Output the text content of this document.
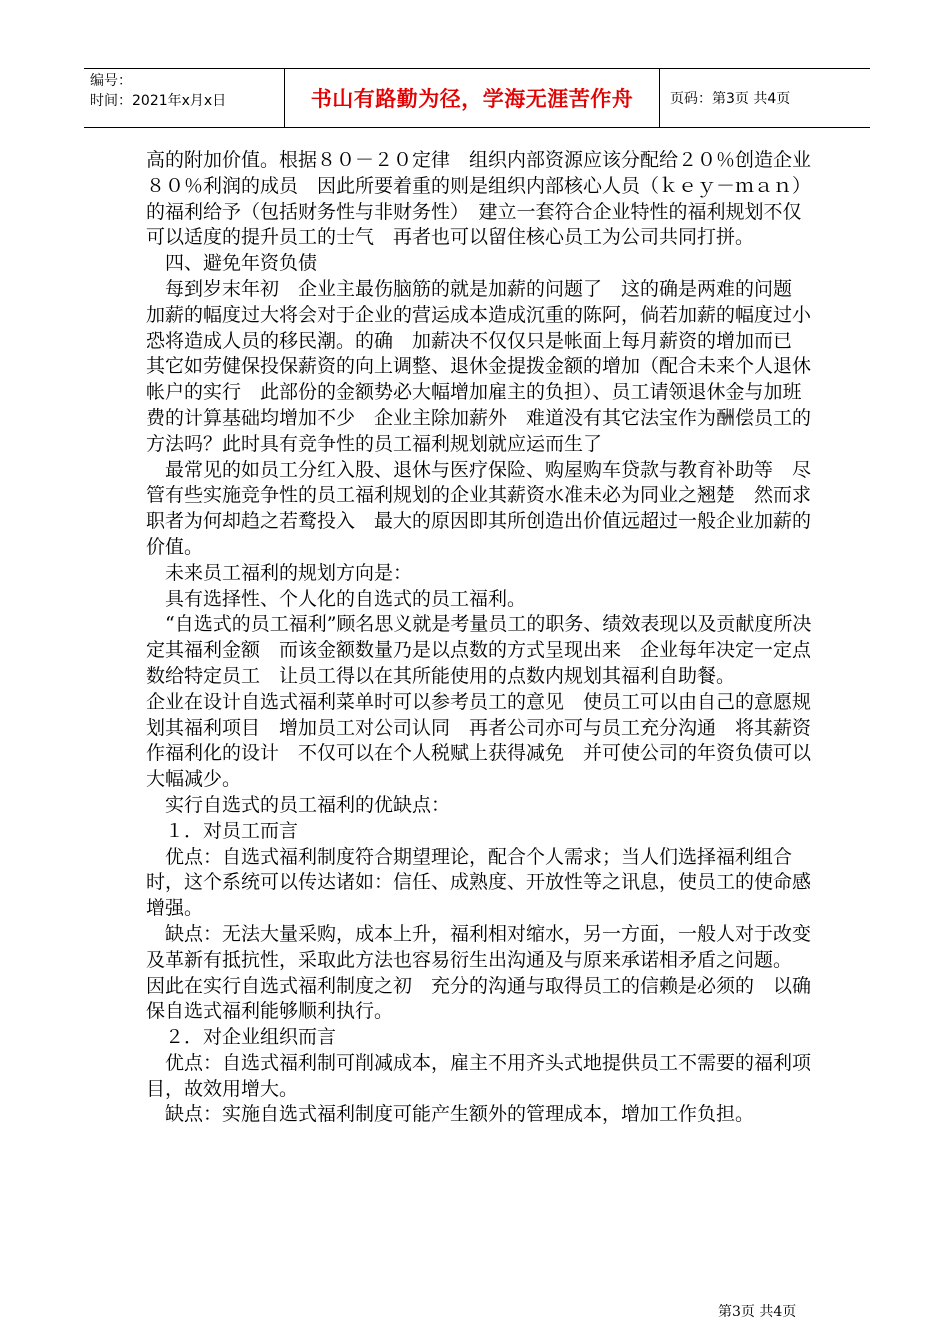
编号：
时间：2021年x月x日	书山有路勤为径，学海无涯苦作舟	页码：第3页 共4页

高的附加价值。根据８０－２０定律　组织内部资源应该分配给２０％创造企业８０％利润的成员　因此所要着重的则是组织内部核心人员（ｋｅｙ－ｍａｎ）的福利给予（包括财务性与非财务性）　建立一套符合企业特性的福利规划不仅可以适度的提升员工的士气　再者也可以留住核心员工为公司共同打拼。

　四、避免年资负债

　每到岁末年初　企业主最伤脑筋的就是加薪的问题了　这的确是两难的问题　加薪的幅度过大将会对于企业的营运成本造成沉重的陈阿，倘若加薪的幅度过小　恐将造成人员的移民潮。的确　加薪决不仅仅只是帐面上每月薪资的增加而已　其它如劳健保投保薪资的向上调整、退休金提拨金额的增加（配合未来个人退休帐户的实行　此部份的金额势必大幅增加雇主的负担）、员工请领退休金与加班费的计算基础均增加不少　企业主除加薪外　难道没有其它法宝作为酬偿员工的方法吗？此时具有竞争性的员工福利规划就应运而生了

　最常见的如员工分红入股、退休与医疗保险、购屋购车贷款与教育补助等　尽管有些实施竞争性的员工福利规划的企业其薪资水准未必为同业之翘楚　然而求职者为何却趋之若鹜投入　最大的原因即其所创造出价值远超过一般企业加薪的价值。

　未来员工福利的规划方向是：

　具有选择性、个人化的自选式的员工福利。

　“自选式的员工福利”顾名思义就是考量员工的职务、绩效表现以及贡献度所决定其福利金额　而该金额数量乃是以点数的方式呈现出来　企业每年决定一定点数给特定员工　让员工得以在其所能使用的点数内规划其福利自助餐。

企业在设计自选式福利菜单时可以参考员工的意见　使员工可以由自己的意愿规划其福利项目　增加员工对公司认同　再者公司亦可与员工充分沟通　将其薪资作福利化的设计　不仅可以在个人税赋上获得减免　并可使公司的年资负债可以大幅减少。

　实行自选式的员工福利的优缺点：

　１．对员工而言

　优点：自选式福利制度符合期望理论，配合个人需求；当人们选择福利组合时，这个系统可以传达诸如：信任、成熟度、开放性等之讯息，使员工的使命感增强。

　缺点：无法大量采购，成本上升，福利相对缩水，另一方面，一般人对于改变及革新有抵抗性，采取此方法也容易衍生出沟通及与原来承诺相矛盾之问题。

因此在实行自选式福利制度之初　充分的沟通与取得员工的信赖是必须的　以确保自选式福利能够顺利执行。

　２．对企业组织而言

　优点：自选式福利制可削减成本，雇主不用齐头式地提供员工不需要的福利项目，故效用增大。

　缺点：实施自选式福利制度可能产生额外的管理成本，增加工作负担。

第3页 共4页
